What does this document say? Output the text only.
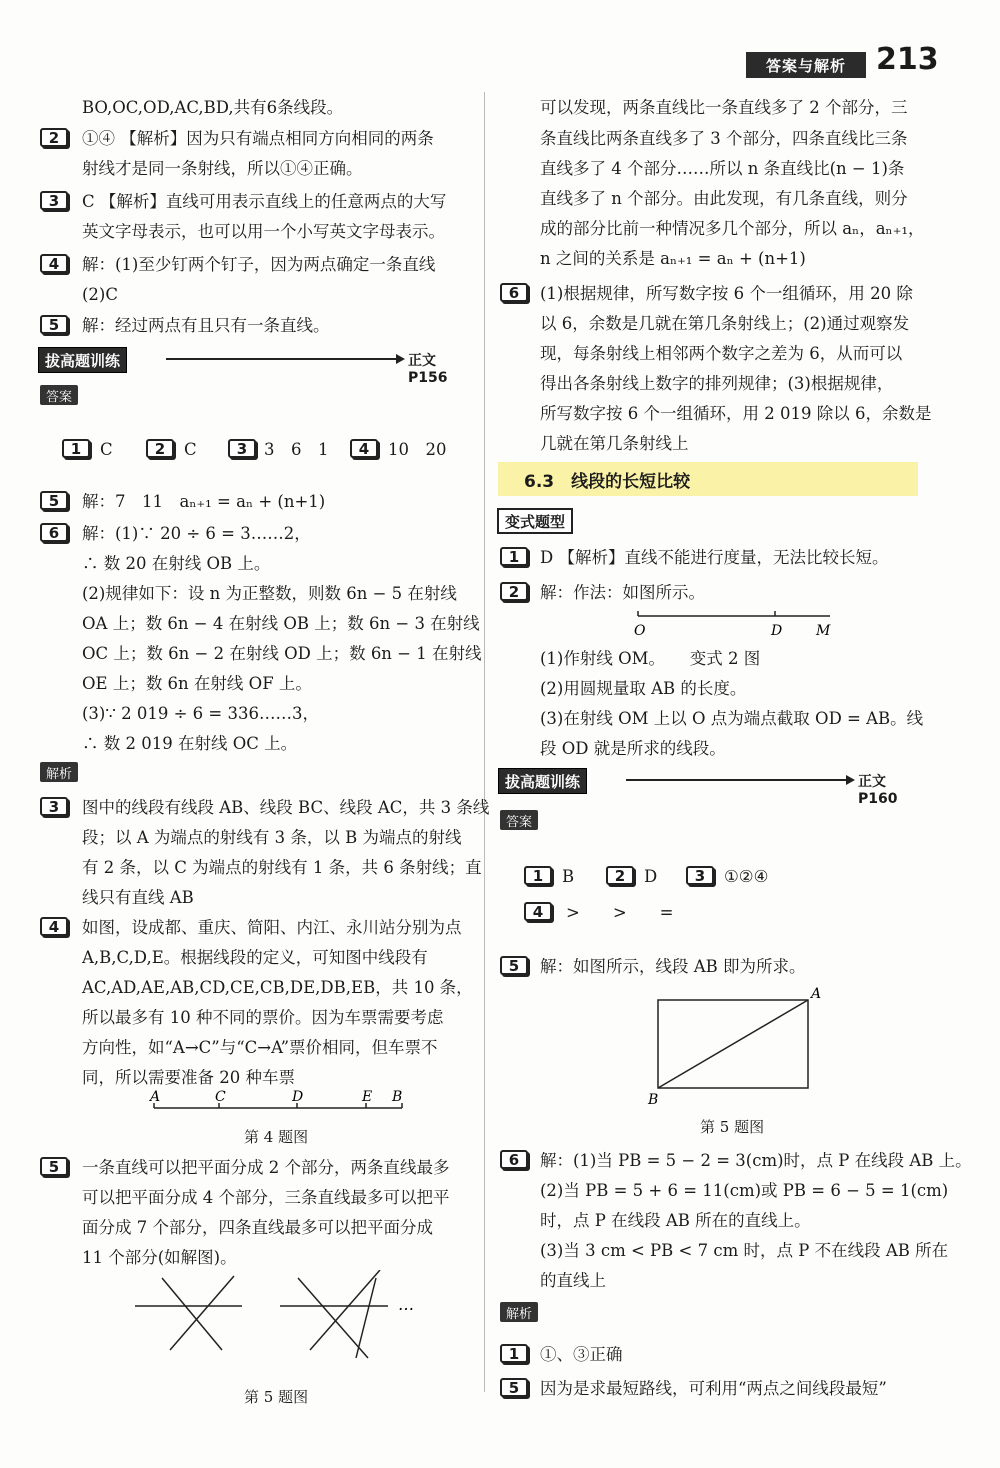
答案与解析	213
BO,OC,OD,AC,BD,共有6条线段。
2	①④ 【解析】因为只有端点相同方向相同的两条
射线才是同一条射线，所以①④正确。
3	C 【解析】直线可用表示直线上的任意两点的大写
英文字母表示，也可以用一个小写英文字母表示。
4	解：(1)至少钉两个钉子，因为两点确定一条直线
(2)C
5	解：经过两点有且只有一条直线。
拔高题训练	正文 P156
答案
1	C	2	C	3	3　6　1	4	10　20
5	解：7　11　aₙ₊₁ = aₙ + (n+1)
6	解：(1)∵ 20 ÷ 6 = 3……2，
∴ 数 20 在射线 OB 上。
(2)规律如下：设 n 为正整数，则数 6n − 5 在射线
OA 上；数 6n − 4 在射线 OB 上；数 6n − 3 在射线
OC 上；数 6n − 2 在射线 OD 上；数 6n − 1 在射线
OE 上；数 6n 在射线 OF 上。
(3)∵ 2 019 ÷ 6 = 336……3，
∴ 数 2 019 在射线 OC 上。
解析
3	图中的线段有线段 AB、线段 BC、线段 AC，共 3 条线
段；以 A 为端点的射线有 3 条，以 B 为端点的射线
有 2 条，以 C 为端点的射线有 1 条，共 6 条射线；直
线只有直线 AB
4	如图，设成都、重庆、简阳、内江、永川站分别为点
A,B,C,D,E。根据线段的定义，可知图中线段有
AC,AD,AE,AB,CD,CE,CB,DE,DB,EB，共 10 条，
所以最多有 10 种不同的票价。因为车票需要考虑
方向性，如“A→C”与“C→A”票价相同，但车票不
同，所以需要准备 20 种车票
A	C	D	E B
第 4 题图
5	一条直线可以把平面分成 2 个部分，两条直线最多
可以把平面分成 4 个部分，三条直线最多可以把平
面分成 7 个部分，四条直线最多可以把平面分成
11 个部分(如解图)。
…
第 5 题图
可以发现，两条直线比一条直线多了 2 个部分，三
条直线比两条直线多了 3 个部分，四条直线比三条
直线多了 4 个部分……所以 n 条直线比(n − 1)条
直线多了 n 个部分。由此发现，有几条直线，则分
成的部分比前一种情况多几个部分，所以 aₙ，aₙ₊₁，
n 之间的关系是 aₙ₊₁ = aₙ + (n+1)
6	(1)根据规律，所写数字按 6 个一组循环，用 20 除
以 6，余数是几就在第几条射线上；(2)通过观察发
现，每条射线上相邻两个数字之差为 6，从而可以
得出各条射线上数字的排列规律；(3)根据规律，
所写数字按 6 个一组循环，用 2 019 除以 6，余数是
几就在第几条射线上
6.3　线段的长短比较
变式题型
1	D 【解析】直线不能进行度量，无法比较长短。
2	解：作法：如图所示。
O	D M
(1)作射线 OM。　　变式 2 图
(2)用圆规量取 AB 的长度。
(3)在射线 OM 上以 O 点为端点截取 OD = AB。线
段 OD 就是所求的线段。
拔高题训练	正文 P160
答案
1	B	2	D	3	①②④
4	>　　>　　=
5	解：如图所示，线段 AB 即为所求。
A
B
第 5 题图
6	解：(1)当 PB = 5 − 2 = 3(cm)时，点 P 在线段 AB 上。
(2)当 PB = 5 + 6 = 11(cm)或 PB = 6 − 5 = 1(cm)
时，点 P 在线段 AB 所在的直线上。
(3)当 3 cm < PB < 7 cm 时，点 P 不在线段 AB 所在
的直线上
解析
1	①、③正确
5	因为是求最短路线，可利用“两点之间线段最短”
